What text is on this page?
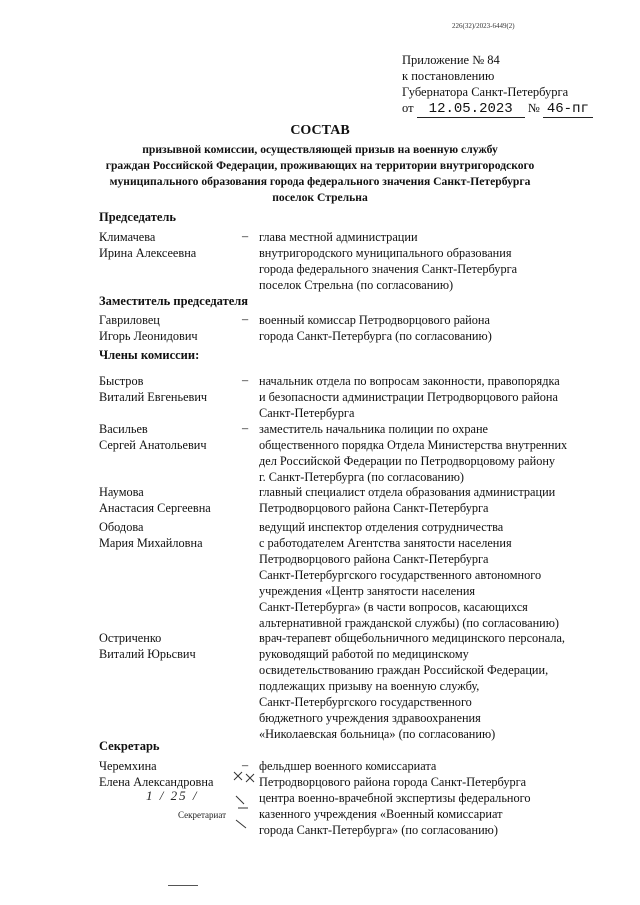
226(32)/2023-6449(2)
Приложение № 84
к постановлению
Губернатора Санкт-Петербурга
от 12.05.2023 № 46-пг
СОСТАВ
призывной комиссии, осуществляющей призыв на военную службу
граждан Российской Федерации, проживающих на территории внутригородского
муниципального образования города федерального значения Санкт-Петербурга
поселок Стрельна
Председатель
Климачева
Ирина Алексеевна
– глава местной администрации
внутригородского муниципального образования
города федерального значения Санкт-Петербурга
поселок Стрельна (по согласованию)
Заместитель председателя
Гавриловец
Игорь Леонидович
– военный комиссар Петродворцового района
города Санкт-Петербурга (по согласованию)
Члены комиссии:
Быстров
Виталий Евгеньевич
– начальник отдела по вопросам законности, правопорядка
и безопасности администрации Петродворцового района
Санкт-Петербурга
Васильев
Сергей Анатольевич
– заместитель начальника полиции по охране
общественного порядка Отдела Министерства внутренних
дел Российской Федерации по Петродворцовому району
г. Санкт-Петербурга (по согласованию)
Наумова
Анастасия Сергеевна
главный специалист отдела образования администрации
Петродворцового района Санкт-Петербурга
Ободова
Мария Михайловна
ведущий инспектор отделения сотрудничества
с работодателем Агентства занятости населения
Петродворцового района Санкт-Петербурга
Санкт-Петербургского государственного автономного
учреждения «Центр занятости населения
Санкт-Петербурга» (в части вопросов, касающихся
альтернативной гражданской службы) (по согласованию)
Остриченко
Виталий Юрьсвич
врач-терапевт общебольничного медицинского персонала,
руководящий работой по медицинскому
освидетельствованию граждан Российской Федерации,
подлежащих призыву на военную службу,
Санкт-Петербургского государственного
бюджетного учреждения здравоохранения
«Николаевская больница» (по согласованию)
Секретарь
Черемхина
Елена Александровна
– фельдшер военного комиссариата
Петродворцового района города Санкт-Петербурга
центра военно-врачебной экспертизы федерального
казенного учреждения «Военный комиссариат
города Санкт-Петербурга» (по согласованию)
1 / 25 /
Секретариат
